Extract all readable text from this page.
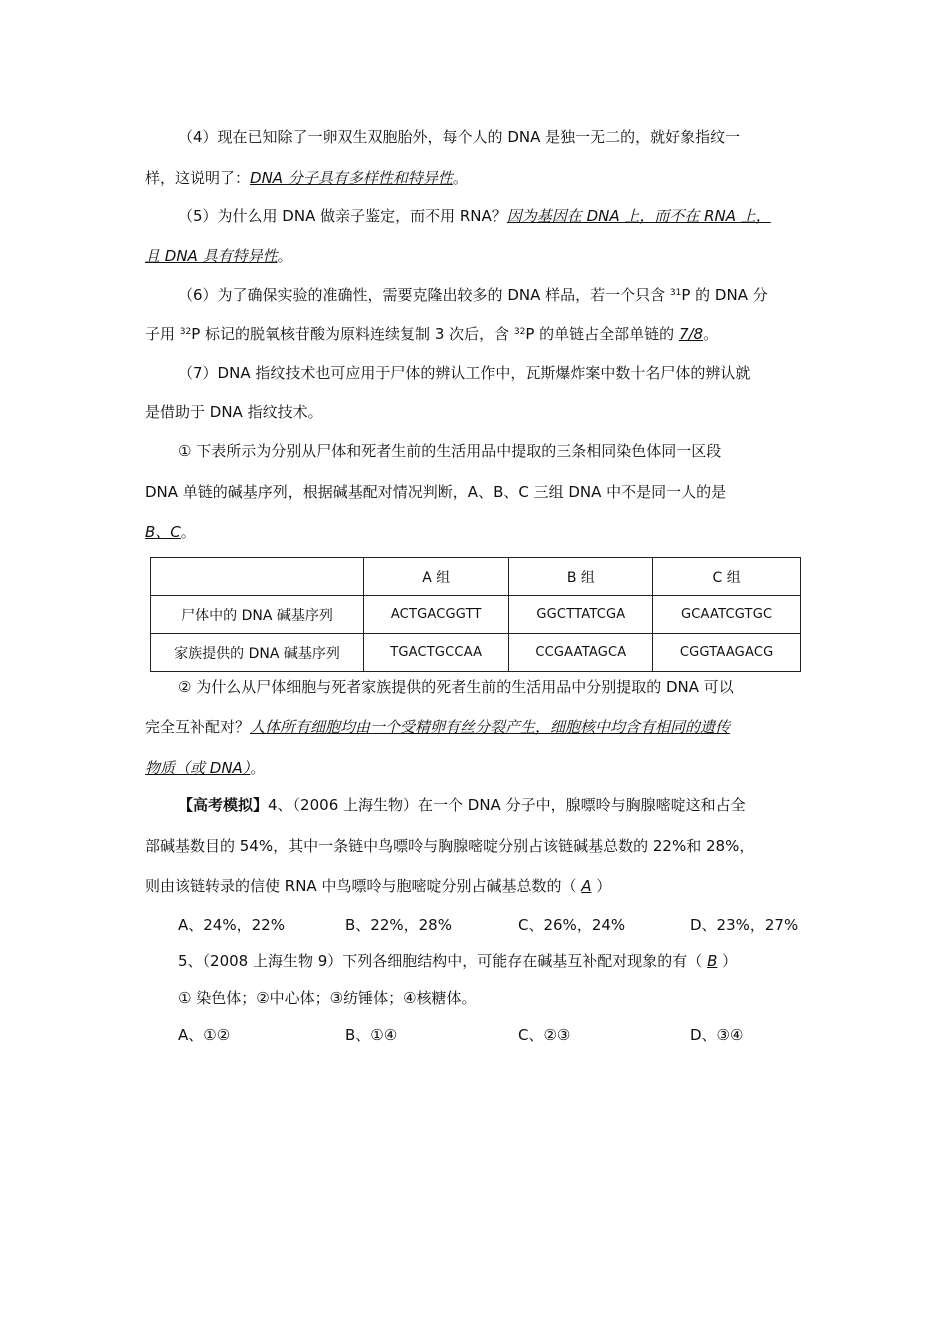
（4）现在已知除了一卵双生双胞胎外，每个人的 DNA 是独一无二的，就好象指纹一
样，这说明了：DNA 分子具有多样性和特异性。
（5）为什么用 DNA 做亲子鉴定，而不用 RNA？因为基因在 DNA 上，而不在 RNA 上，
且 DNA 具有特异性。
（6）为了确保实验的准确性，需要克隆出较多的 DNA 样品，若一个只含 $^{31}$P 的 DNA 分
子用 $^{32}$P 标记的脱氧核苷酸为原料连续复制 3 次后，含 $^{32}$P 的单链占全部单链的 7/8。
（7）DNA 指纹技术也可应用于尸体的辨认工作中，瓦斯爆炸案中数十名尸体的辨认就
是借助于 DNA 指纹技术。
① 下表所示为分别从尸体和死者生前的生活用品中提取的三条相同染色体同一区段
DNA 单链的碱基序列，根据碱基配对情况判断，A、B、C 三组 DNA 中不是同一人的是
B、C。
	A 组	B 组	C 组
尸体中的 DNA 碱基序列	ACTGACGGTT	GGCTTATCGA	GCAATCGTGC
家族提供的 DNA 碱基序列	TGACTGCCAA	CCGAATAGCA	CGGTAAGACG
② 为什么从尸体细胞与死者家族提供的死者生前的生活用品中分别提取的 DNA 可以
完全互补配对？人体所有细胞均由一个受精卵有丝分裂产生，细胞核中均含有相同的遗传
物质（或 DNA）。
【高考模拟】4、（2006 上海生物）在一个 DNA 分子中，腺嘌呤与胸腺嘧啶这和占全
部碱基数目的 54%，其中一条链中鸟嘌呤与胸腺嘧啶分别占该链碱基总数的 22%和 28%，
则由该链转录的信使 RNA 中鸟嘌呤与胞嘧啶分别占碱基总数的（ A ）
A、24%，22%	B、22%，28%	C、26%，24%	D、23%，27%
5、（2008 上海生物 9）下列各细胞结构中，可能存在碱基互补配对现象的有（ B ）
① 染色体；②中心体；③纺锤体；④核糖体。
A、①②	B、①④	C、②③	D、③④
